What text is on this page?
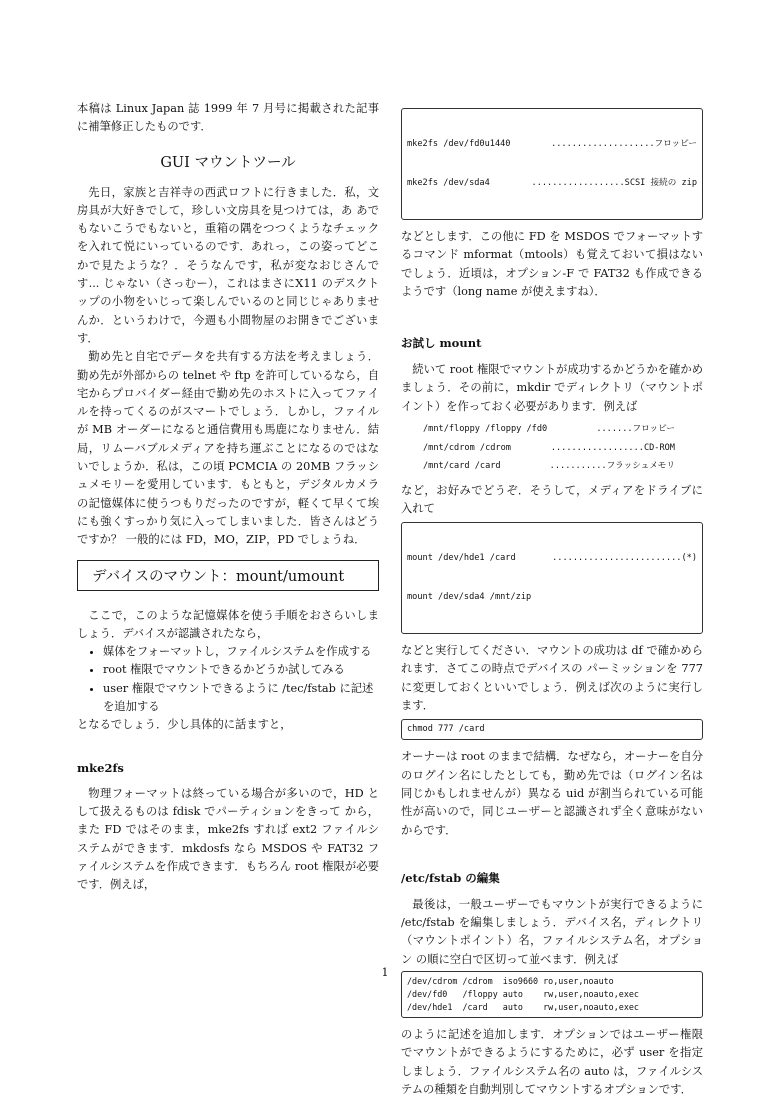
本稿は Linux Japan 誌 1999 年 7 月号に掲載された記事に補筆修正したものです．

GUI マウントツール

先日，家族と吉祥寺の西武ロフトに行きました．私，文房具が大好きでして，珍しい文房具を見つけては，あ あでもないこうでもないと，重箱の隅をつつくようなチェックを入れて悦にいっているのです．あれっ，この姿ってどこかで見たような？．そうなんです，私が変なおじさんです... じゃない（さっむー），これはまさにX11 のデスクトップの小物をいじって楽しんでいるのと同じじゃありませんか．というわけで，今週も小間物屋のお開きでございます．

勤め先と自宅でデータを共有する方法を考えましょう．勤め先が外部からの telnet や ftp を許可しているなら，自宅からプロバイダー経由で勤め先のホストに入ってファイルを持ってくるのがスマートでしょう．しかし，ファイルが MB オーダーになると通信費用も馬鹿になりません．結局，リムーバブルメディアを持ち運ぶことになるのではないでしょうか．私は，この頃 PCMCIA の 20MB フラッシュメモリーを愛用しています．もともと，デジタルカメラの記憶媒体に使うつもりだったのですが，軽くて早くて埃にも強くすっかり気に入ってしまいました．皆さんはどうですか？ 一般的には FD，MO，ZIP，PD でしょうね．

デバイスのマウント：mount/umount

ここで，このような記憶媒体を使う手順をおさらいしましょう．デバイスが認識されたなら，

• 媒体をフォーマットし，ファイルシステムを作成する
• root 権限でマウントできるかどうか試してみる
• user 権限でマウントできるように /tec/fstab に記述を追加する

となるでしょう．少し具体的に話ますと，

mke2fs

物理フォーマットは終っている場合が多いので，HD として扱えるものは fdisk でパーティションをきって から，また FD ではそのまま，mke2fs すれば ext2 ファイルシステムができます．mkdosfs なら MSDOS や FAT32 ファイルシステムを作成できます．もちろん root 権限が必要です．例えば，

mke2fs /dev/fd0u1440	....................フロッピー

mke2fs /dev/sda4	..................SCSI 接続の zip

などとします．この他に FD を MSDOS でフォーマットするコマンド mformat（mtools）も覚えておいて損はないでしょう．近頃は，オプション-F で FAT32 も作成できるようです（long name が使えますね）．

お試し mount

続いて root 権限でマウントが成功するかどうかを確かめましょう．その前に，mkdir でディレクトリ（マウントポイント）を作っておく必要があります．例えば

/mnt/floppy /floppy /fd0	.......フロッピー
/mnt/cdrom /cdrom	..................CD-ROM
/mnt/card /card	...........フラッシュメモリ

など，お好みでどうぞ．そうして，メディアをドライブに入れて

mount /dev/hde1 /card	.........................(*)

mount /dev/sda4 /mnt/zip

などと実行してください．マウントの成功は df で確かめられます．さてこの時点でデバイスの パーミッションを 777 に変更しておくといいでしょう．例えば次のように実行します．

chmod 777 /card

オーナーは root のままで結構．なぜなら，オーナーを自分のログイン名にしたとしても，勤め先では（ログイン名は同じかもしれませんが）異なる uid が割当られている可能性が高いので，同じユーザーと認識されず全く意味がないからです．

/etc/fstab の編集

最後は，一般ユーザーでもマウントが実行できるように /etc/fstab を編集しましょう．デバイス名，ディレクトリ（マウントポイント）名，ファイルシステム名，オプション の順に空白で区切って並べます．例えば

/dev/cdrom /cdrom  iso9660 ro,user,noauto
/dev/fd0   /floppy auto    rw,user,noauto,exec
/dev/hde1  /card   auto    rw,user,noauto,exec

のように記述を追加します．オプションではユーザー権限でマウントができるようにするために，必ず user を指定しましょう．ファイルシステム名の auto は，ファイルシステムの種類を自動判別してマウントするオプションです．

1
